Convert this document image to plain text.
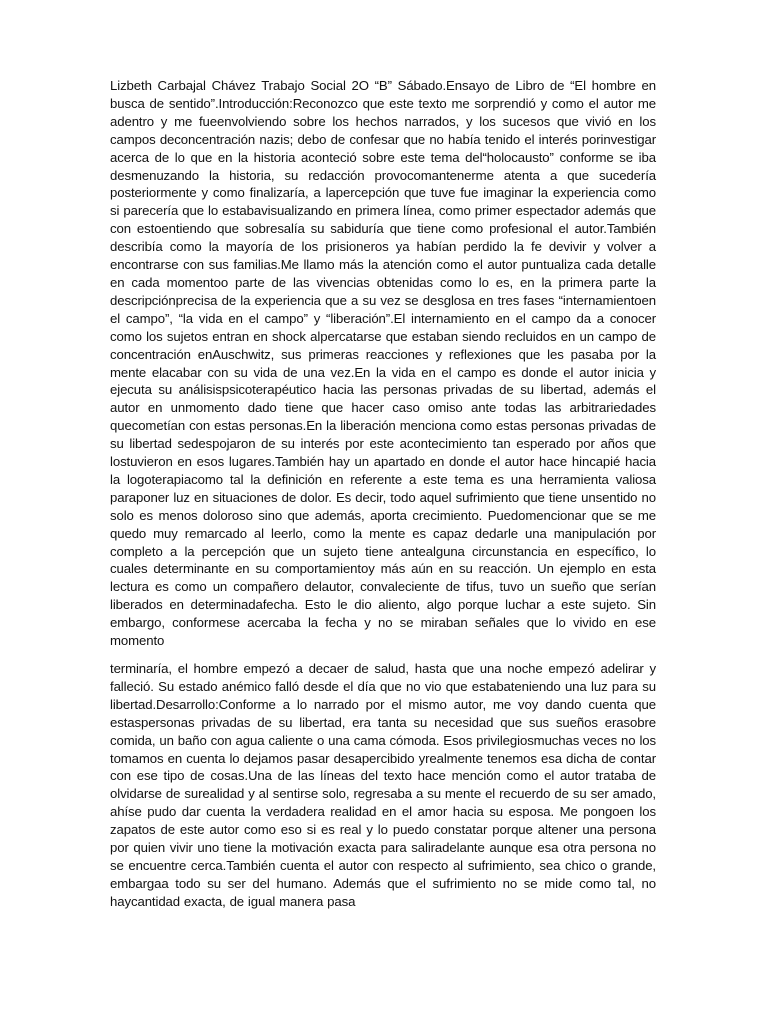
Lizbeth Carbajal Chávez Trabajo Social 2O “B” Sábado.Ensayo de Libro de “El hombre en busca de sentido”.Introducción:Reconozco que este texto me sorprendió y como el autor me adentro y me fueenvolviendo sobre los hechos narrados, y los sucesos que vivió en los campos deconcentración nazis; debo de confesar que no había tenido el interés porinvestigar acerca de lo que en la historia aconteció sobre este tema del“holocausto” conforme se iba desmenuzando la historia, su redacción provocomantenerme atenta a que sucedería posteriormente y como finalizaría, a lapercepción que tuve fue imaginar la experiencia como si parecería que lo estabavisualizando en primera línea, como primer espectador además que con estoentiendo que sobresalía su sabiduría que tiene como profesional el autor.También describía como la mayoría de los prisioneros ya habían perdido la fe devivir y volver a encontrarse con sus familias.Me llamo más la atención como el autor puntualiza cada detalle en cada momentoo parte de las vivencias obtenidas como lo es, en la primera parte la descripciónprecisa de la experiencia que a su vez se desglosa en tres fases “internamientoen el campo”, “la vida en el campo” y “liberación”.El internamiento en el campo da a conocer como los sujetos entran en shock alpercatarse que estaban siendo recluidos en un campo de concentración enAuschwitz, sus primeras reacciones y reflexiones que les pasaba por la mente elacabar con su vida de una vez.En la vida en el campo es donde el autor inicia y ejecuta su análisispsicoterapéutico hacia las personas privadas de su libertad, además el autor en unmomento dado tiene que hacer caso omiso ante todas las arbitrariedades quecometían con estas personas.En la liberación menciona como estas personas privadas de su libertad sedespojaron de su interés por este acontecimiento tan esperado por años que lostuvieron en esos lugares.También hay un apartado en donde el autor hace hincapié hacia la logoterapiacomo tal la definición en referente a este tema es una herramienta valiosa paraponer luz en situaciones de dolor. Es decir, todo aquel sufrimiento que tiene unsentido no solo es menos doloroso sino que además, aporta crecimiento. Puedomencionar que se me quedo muy remarcado al leerlo, como la mente es capaz dedarle una manipulación por completo a la percepción que un sujeto tiene antealguna circunstancia en específico, lo cuales determinante en su comportamientoy más aún en su reacción. Un ejemplo en esta lectura es como un compañero delautor, convaleciente de tifus, tuvo un sueño que serían liberados en determinadafecha. Esto le dio aliento, algo porque luchar a este sujeto. Sin embargo, conformese acercaba la fecha y no se miraban señales que lo vivido en ese momento

terminaría, el hombre empezó a decaer de salud, hasta que una noche empezó adelirar y falleció. Su estado anémico falló desde el día que no vio que estabateniendo una luz para su libertad.Desarrollo:Conforme a lo narrado por el mismo autor, me voy dando cuenta que estaspersonas privadas de su libertad, era tanta su necesidad que sus sueños erasobre comida, un baño con agua caliente o una cama cómoda. Esos privilegiosmuchas veces no los tomamos en cuenta lo dejamos pasar desapercibido yrealmente tenemos esa dicha de contar con ese tipo de cosas.Una de las líneas del texto hace mención como el autor trataba de olvidarse de surealidad y al sentirse solo, regresaba a su mente el recuerdo de su ser amado, ahíse pudo dar cuenta la verdadera realidad en el amor hacia su esposa. Me pongoen los zapatos de este autor como eso si es real y lo puedo constatar porque altener una persona por quien vivir uno tiene la motivación exacta para saliradelante aunque esa otra persona no se encuentre cerca.También cuenta el autor con respecto al sufrimiento, sea chico o grande, embargaa todo su ser del humano. Además que el sufrimiento no se mide como tal, no haycantidad exacta, de igual manera pasa
